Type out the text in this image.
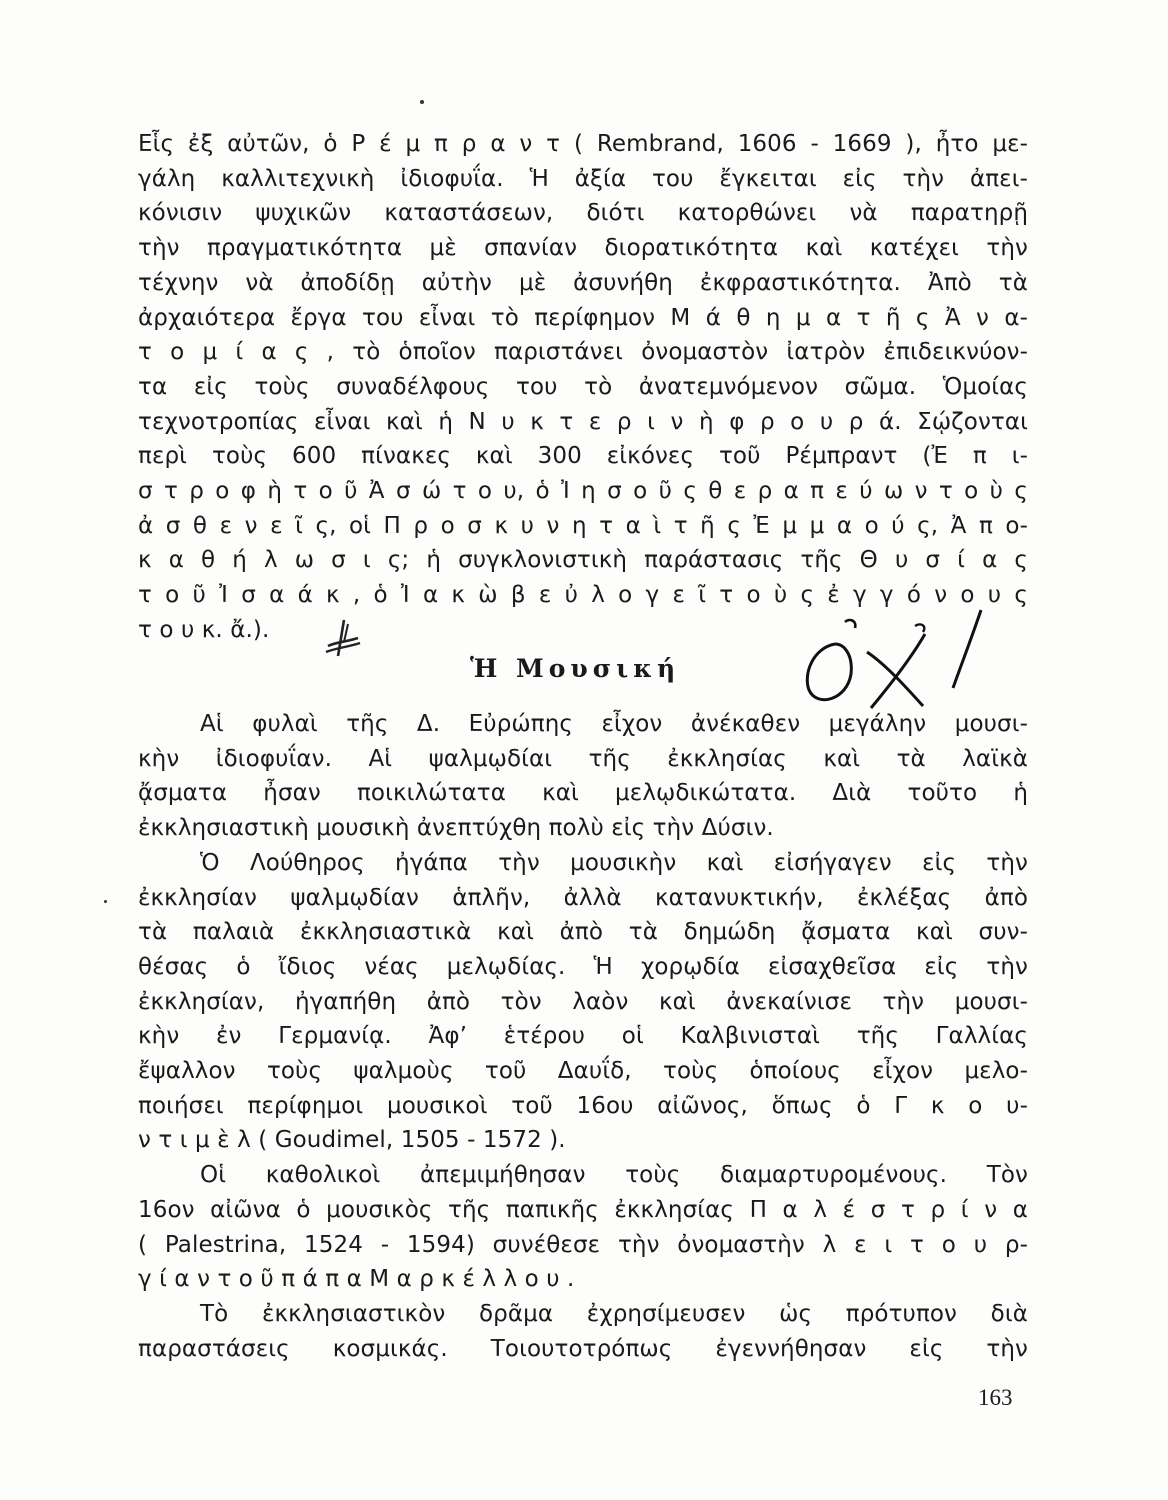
Εἷς ἐξ αὐτῶν, ὁ Ρ έ μ π ρ α ν τ ( Rembrand, 1606 - 1669 ), ἦτο με-
γάλη καλλιτεχνικὴ ἰδιοφυΐα. Ἡ ἀξία του ἔγκειται εἰς τὴν ἀπει-
κόνισιν ψυχικῶν καταστάσεων, διότι κατορθώνει νὰ παρατηρῇ
τὴν πραγματικότητα μὲ σπανίαν διορατικότητα καὶ κατέχει τὴν
τέχνην νὰ ἀποδίδῃ αὐτὴν μὲ ἀσυνήθη ἐκφραστικότητα. Ἀπὸ τὰ
ἀρχαιότερα ἔργα του εἶναι τὸ περίφημον Μ ά θ η μ α τ ῆ ς Ἀ ν α-
τ ο μ ί α ς , τὸ ὁποῖον παριστάνει ὀνομαστὸν ἰατρὸν ἐπιδεικνύον-
τα εἰς τοὺς συναδέλφους του τὸ ἀνατεμνόμενον σῶμα. Ὁμοίας
τεχνοτροπίας εἶναι καὶ ἡ Ν υ κ τ ε ρ ι ν ὴ φ ρ ο υ ρ ά. Σῴζονται
περὶ τοὺς 600 πίνακες καὶ 300 εἰκόνες τοῦ Ρέμπραντ (Ἐ π ι-
σ τ ρ ο φ ὴ τ ο ῦ Ἀ σ ώ τ ο υ, ὁ Ἰ η σ ο ῦ ς θ ε ρ α π ε ύ ω ν τ ο ὺ ς
ἀ σ θ ε ν ε ῖ ς, οἱ Π ρ ο σ κ υ ν η τ α ὶ τ ῆ ς Ἐ μ μ α ο ύ ς, Ἀ π ο-
κ α θ ή λ ω σ ι ς; ἡ συγκλονιστικὴ παράστασις τῆς Θ υ σ ί α ς
τ ο ῦ Ἰ σ α ά κ , ὁ Ἰ α κ ὼ β ε ὐ λ ο γ ε ῖ τ ο ὺ ς ἐ γ γ ό ν ο υ ς
τ ο υ κ. ἄ.).
Ἡ Μουσική
Αἱ φυλαὶ τῆς Δ. Εὐρώπης εἶχον ἀνέκαθεν μεγάλην μουσι-
κὴν ἰδιοφυΐαν. Αἱ ψαλμῳδίαι τῆς ἐκκλησίας καὶ τὰ λαϊκὰ
ᾄσματα ἦσαν ποικιλώτατα καὶ μελῳδικώτατα. Διὰ τοῦτο ἡ
ἐκκλησιαστικὴ μουσικὴ ἀνεπτύχθη πολὺ εἰς τὴν Δύσιν.
Ὁ Λούθηρος ἠγάπα τὴν μουσικὴν καὶ εἰσήγαγεν εἰς τὴν
ἐκκλησίαν ψαλμῳδίαν ἁπλῆν, ἀλλὰ κατανυκτικήν, ἐκλέξας ἀπὸ
τὰ παλαιὰ ἐκκλησιαστικὰ καὶ ἀπὸ τὰ δημώδη ᾄσματα καὶ συν-
θέσας ὁ ἴδιος νέας μελῳδίας. Ἡ χορῳδία εἰσαχθεῖσα εἰς τὴν
ἐκκλησίαν, ἠγαπήθη ἀπὸ τὸν λαὸν καὶ ἀνεκαίνισε τὴν μουσι-
κὴν ἐν Γερμανίᾳ. Ἀφ’ ἑτέρου οἱ Καλβινισταὶ τῆς Γαλλίας
ἔψαλλον τοὺς ψαλμοὺς τοῦ Δαυΐδ, τοὺς ὁποίους εἶχον μελο-
ποιήσει περίφημοι μουσικοὶ τοῦ 16ου αἰῶνος, ὅπως ὁ Γ κ ο υ-
ν τ ι μ ὲ λ ( Goudimel, 1505 - 1572 ).
Οἱ καθολικοὶ ἀπεμιμήθησαν τοὺς διαμαρτυρομένους. Τὸν
16ον αἰῶνα ὁ μουσικὸς τῆς παπικῆς ἐκκλησίας Π α λ έ σ τ ρ ί ν α
( Palestrina, 1524 - 1594) συνέθεσε τὴν ὀνομαστὴν λ ε ι τ ο υ ρ-
γ ί α ν τ ο ῦ π ά π α Μ α ρ κ έ λ λ ο υ .
Τὸ ἐκκλησιαστικὸν δρᾶμα ἐχρησίμευσεν ὡς πρότυπον διὰ
παραστάσεις κοσμικάς. Τοιουτοτρόπως ἐγεννήθησαν εἰς τὴν
163
